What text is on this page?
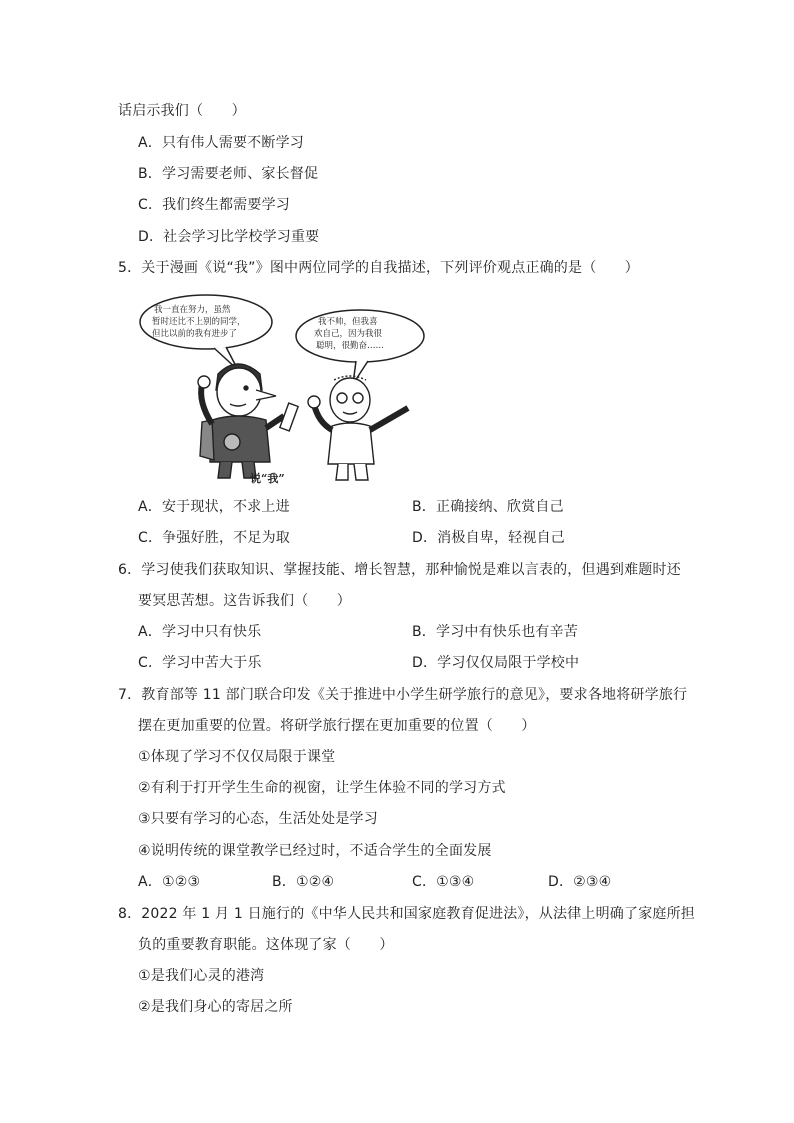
话启示我们（　　）
A．只有伟人需要不断学习
B．学习需要老师、家长督促
C．我们终生都需要学习
D．社会学习比学校学习重要
5．关于漫画《说“我”》图中两位同学的自我描述，下列评价观点正确的是（　　）
我一直在努力，虽然 暂时还比不上别的同学， 但比以前的我有进步了
我不帅，但我喜 欢自己，因为我很 聪明，很勤奋……
说“我”
A．安于现状，不求上进	B．正确接纳、欣赏自己
C．争强好胜，不足为取	D．消极自卑，轻视自己
6．学习使我们获取知识、掌握技能、增长智慧，那种愉悦是难以言表的，但遇到难题时还
要冥思苦想。这告诉我们（　　）
A．学习中只有快乐	B．学习中有快乐也有辛苦
C．学习中苦大于乐	D．学习仅仅局限于学校中
7．教育部等 11 部门联合印发《关于推进中小学生研学旅行的意见》，要求各地将研学旅行
摆在更加重要的位置。将研学旅行摆在更加重要的位置（　　）
①体现了学习不仅仅局限于课堂
②有利于打开学生生命的视窗，让学生体验不同的学习方式
③只要有学习的心态，生活处处是学习
④说明传统的课堂教学已经过时，不适合学生的全面发展
A．①②③	B．①②④	C．①③④	D．②③④
8．2022 年 1 月 1 日施行的《中华人民共和国家庭教育促进法》，从法律上明确了家庭所担
负的重要教育职能。这体现了家（　　）
①是我们心灵的港湾
②是我们身心的寄居之所
